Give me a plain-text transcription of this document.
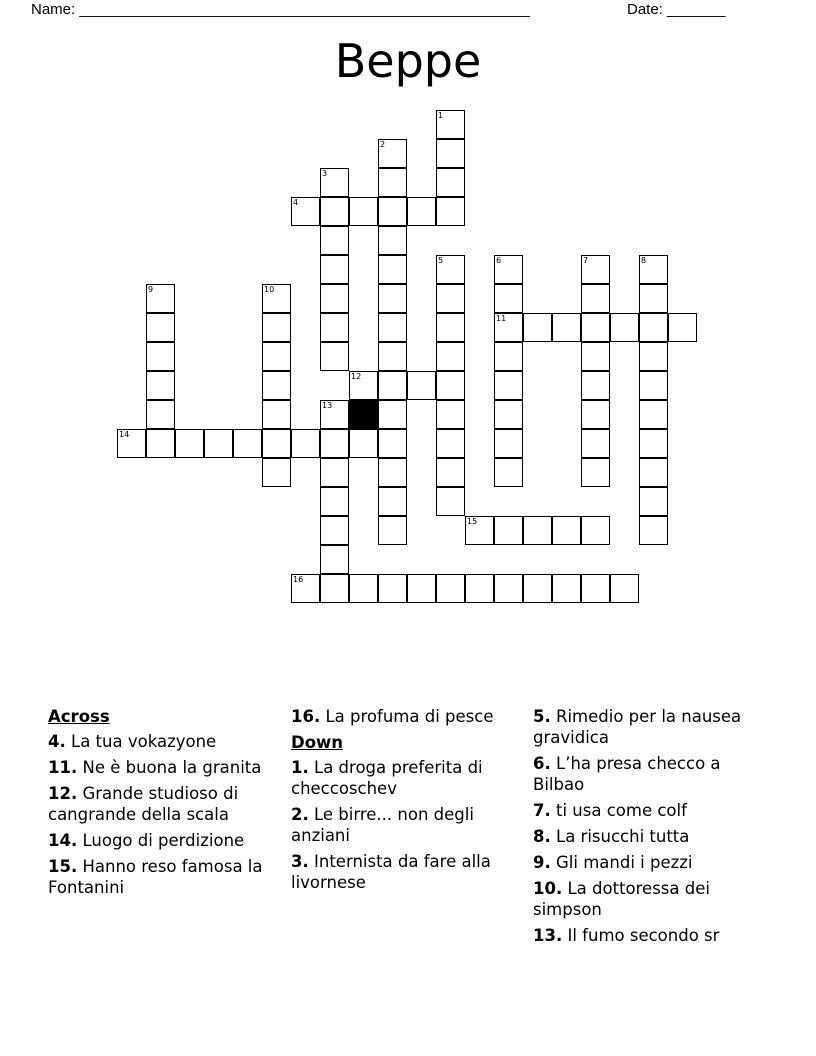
Name: ______________________________________________________	Date: _______
Beppe
1
2
3
4
5	6
11
7	8
9	10
12
13
14
15
16
Across
4. La tua vokazyone
11. Ne è buona la granita
12. Grande studioso di cangrande della scala
14. Luogo di perdizione
15. Hanno reso famosa la Fontanini
16. La profuma di pesce
Down
1. La droga preferita di checcoschev
2. Le birre... non degli anziani
3. Internista da fare alla livornese
5. Rimedio per la nausea gravidica
6. L’ha presa checco a Bilbao
7. ti usa come colf
8. La risucchi tutta
9. Gli mandi i pezzi
10. La dottoressa dei simpson
13. Il fumo secondo sr
